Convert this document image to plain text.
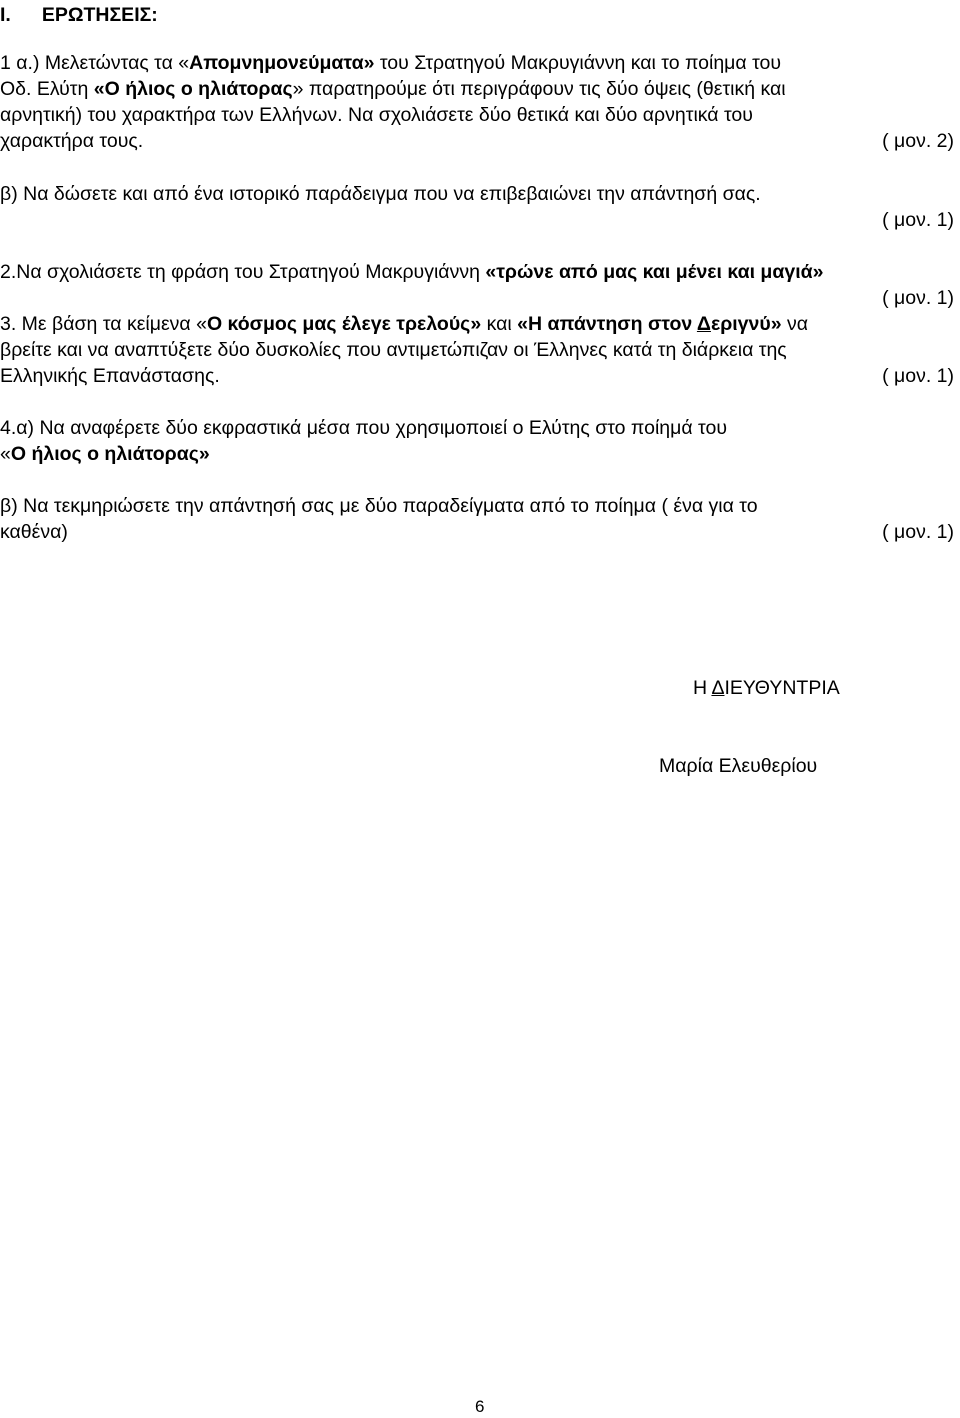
I. ΕΡΩΤΗΣΕΙΣ:
1 α.) Μελετώντας τα «Απομνημονεύματα» του Στρατηγού Μακρυγιάννη και το ποίημα του
Οδ. Ελύτη «Ο ήλιος ο ηλιάτορας» παρατηρούμε ότι περιγράφουν τις δύο όψεις (θετική και
αρνητική) του χαρακτήρα των Ελλήνων. Να σχολιάσετε δύο θετικά και δύο αρνητικά του
χαρακτήρα τους.	( μον. 2)
β) Να δώσετε και από ένα ιστορικό παράδειγμα που να επιβεβαιώνει την απάντησή σας.
( μον. 1)
2.Να σχολιάσετε τη φράση του Στρατηγού Μακρυγιάννη «τρώνε από μας και μένει και μαγιά»
( μον. 1)
3. Με βάση τα κείμενα «Ο κόσμος μας έλεγε τρελούς» και «Η απάντηση στον Δεριγνύ» να
βρείτε και να αναπτύξετε δύο δυσκολίες που αντιμετώπιζαν οι Έλληνες κατά τη διάρκεια της
Ελληνικής Επανάστασης.	( μον. 1)
4.α) Να αναφέρετε δύο εκφραστικά μέσα που χρησιμοποιεί ο Ελύτης στο ποίημά του
«Ο ήλιος ο ηλιάτορας»
β) Να τεκμηριώσετε την απάντησή σας με δύο παραδείγματα από το ποίημα ( ένα για το
καθένα)	( μον. 1)
Η ΔΙΕΥΘΥΝΤΡΙΑ
Μαρία Ελευθερίου
6
